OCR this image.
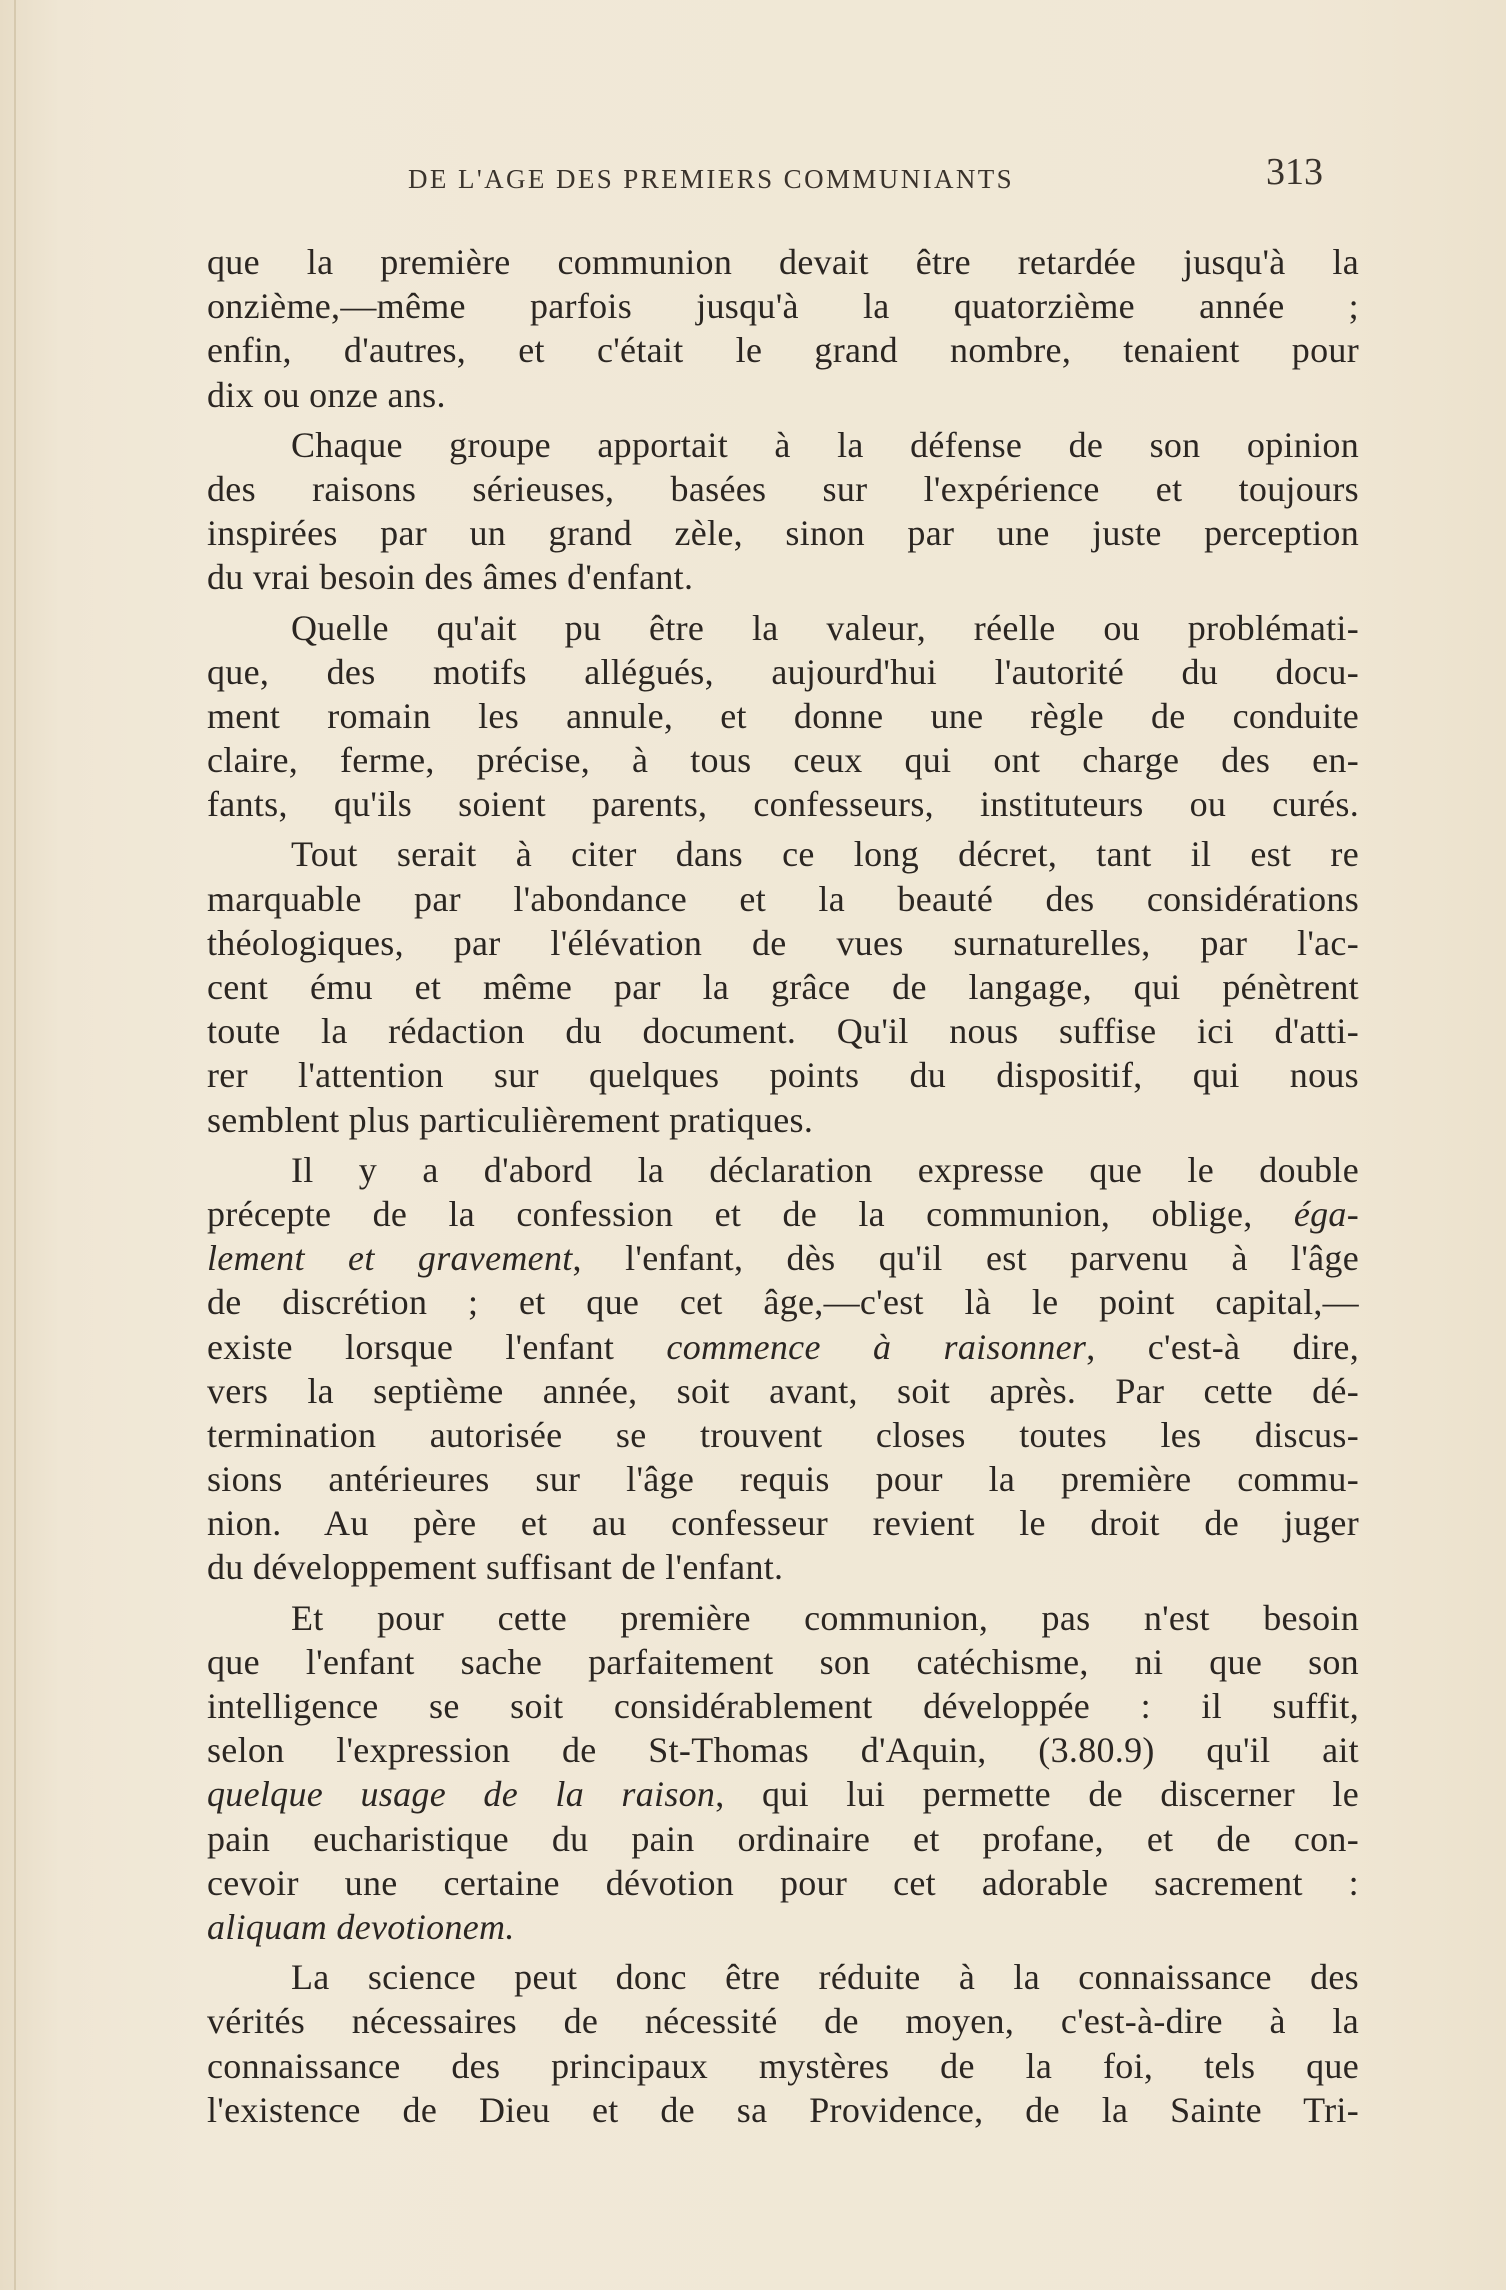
DE L'AGE DES PREMIERS COMMUNIANTS	313
que la première communion devait être retardée jusqu'à la
onzième,—même parfois jusqu'à la quatorzième année ;
enfin, d'autres, et c'était le grand nombre, tenaient pour
dix ou onze ans.
Chaque groupe apportait à la défense de son opinion
des raisons sérieuses, basées sur l'expérience et toujours
inspirées par un grand zèle, sinon par une juste perception
du vrai besoin des âmes d'enfant.
Quelle qu'ait pu être la valeur, réelle ou problémati-
que, des motifs allégués, aujourd'hui l'autorité du docu-
ment romain les annule, et donne une règle de conduite
claire, ferme, précise, à tous ceux qui ont charge des en-
fants, qu'ils soient parents, confesseurs, instituteurs ou curés.
Tout serait à citer dans ce long décret, tant il est re
marquable par l'abondance et la beauté des considérations
théologiques, par l'élévation de vues surnaturelles, par l'ac-
cent ému et même par la grâce de langage, qui pénètrent
toute la rédaction du document. Qu'il nous suffise ici d'atti-
rer l'attention sur quelques points du dispositif, qui nous
semblent plus particulièrement pratiques.
Il y a d'abord la déclaration expresse que le double
précepte de la confession et de la communion, oblige, éga-
lement et gravement, l'enfant, dès qu'il est parvenu à l'âge
de discrétion ; et que cet âge,—c'est là le point capital,—
existe lorsque l'enfant commence à raisonner, c'est-à dire,
vers la septième année, soit avant, soit après. Par cette dé-
termination autorisée se trouvent closes toutes les discus-
sions antérieures sur l'âge requis pour la première commu-
nion. Au père et au confesseur revient le droit de juger
du développement suffisant de l'enfant.
Et pour cette première communion, pas n'est besoin
que l'enfant sache parfaitement son catéchisme, ni que son
intelligence se soit considérablement développée : il suffit,
selon l'expression de St-Thomas d'Aquin, (3.80.9) qu'il ait
quelque usage de la raison, qui lui permette de discerner le
pain eucharistique du pain ordinaire et profane, et de con-
cevoir une certaine dévotion pour cet adorable sacrement :
aliquam devotionem.
La science peut donc être réduite à la connaissance des
vérités nécessaires de nécessité de moyen, c'est-à-dire à la
connaissance des principaux mystères de la foi, tels que
l'existence de Dieu et de sa Providence, de la Sainte Tri-
